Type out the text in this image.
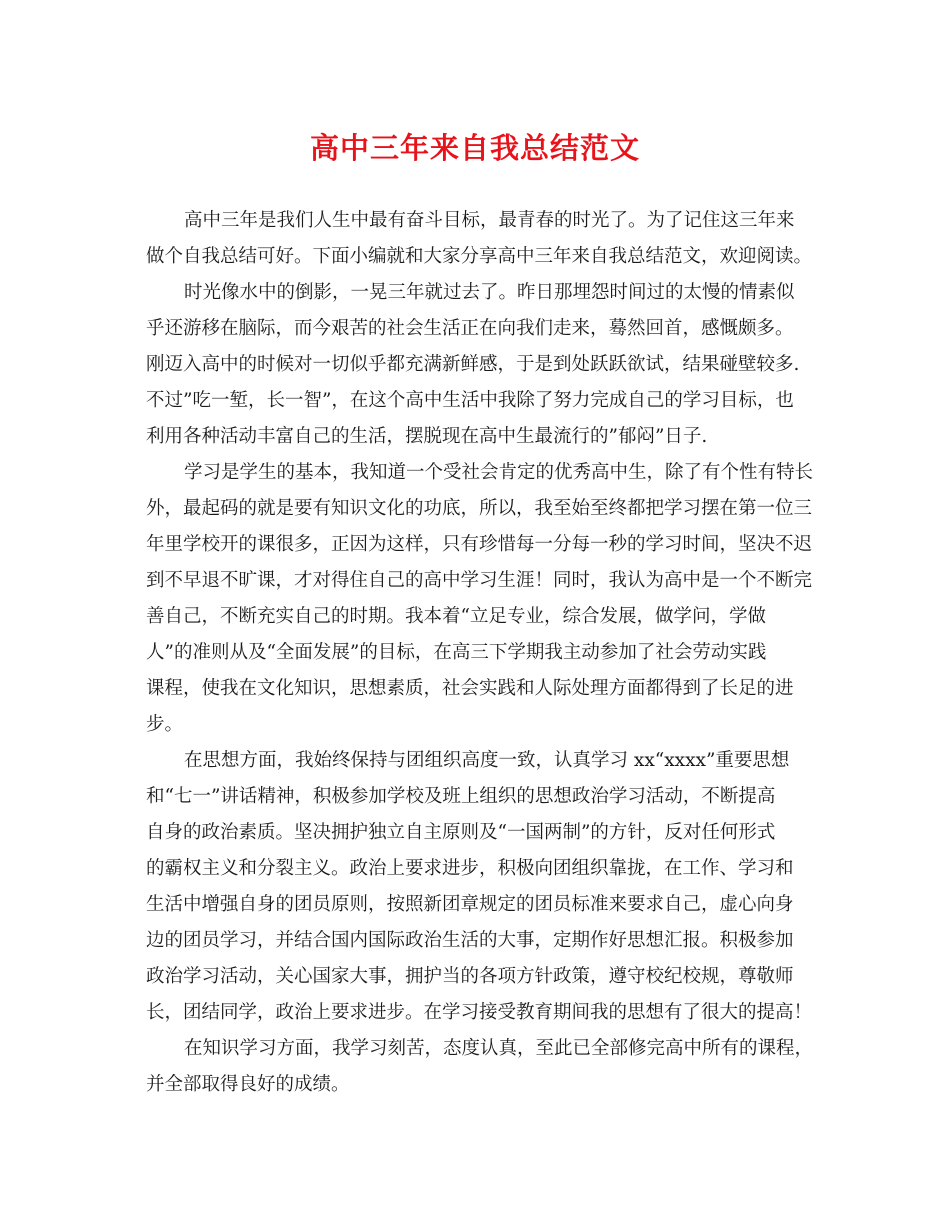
高中三年来自我总结范文
高中三年是我们人生中最有奋斗目标，最青春的时光了。为了记住这三年来
做个自我总结可好。下面小编就和大家分享高中三年来自我总结范文，欢迎阅读。
时光像水中的倒影，一晃三年就过去了。昨日那埋怨时间过的太慢的情素似
乎还游移在脑际，而今艰苦的社会生活正在向我们走来，蓦然回首，感慨颇多。
刚迈入高中的时候对一切似乎都充满新鲜感，于是到处跃跃欲试，结果碰壁较多.
不过”吃一堑，长一智”，在这个高中生活中我除了努力完成自己的学习目标，也
利用各种活动丰富自己的生活，摆脱现在高中生最流行的”郁闷”日子.
学习是学生的基本，我知道一个受社会肯定的优秀高中生，除了有个性有特长
外，最起码的就是要有知识文化的功底，所以，我至始至终都把学习摆在第一位三
年里学校开的课很多，正因为这样，只有珍惜每一分每一秒的学习时间，坚决不迟
到不早退不旷课，才对得住自己的高中学习生涯！同时，我认为高中是一个不断完
善自己，不断充实自己的时期。我本着“立足专业，综合发展，做学问，学做
人”的准则从及“全面发展”的目标，在高三下学期我主动参加了社会劳动实践
课程，使我在文化知识，思想素质，社会实践和人际处理方面都得到了长足的进
步。
在思想方面，我始终保持与团组织高度一致，认真学习 xx“xxxx”重要思想
和“七一”讲话精神，积极参加学校及班上组织的思想政治学习活动，不断提高
自身的政治素质。坚决拥护独立自主原则及“一国两制”的方针，反对任何形式
的霸权主义和分裂主义。政治上要求进步，积极向团组织靠拢，在工作、学习和
生活中增强自身的团员原则，按照新团章规定的团员标准来要求自己，虚心向身
边的团员学习，并结合国内国际政治生活的大事，定期作好思想汇报。积极参加
政治学习活动，关心国家大事，拥护当的各项方针政策，遵守校纪校规，尊敬师
长，团结同学，政治上要求进步。在学习接受教育期间我的思想有了很大的提高！
在知识学习方面，我学习刻苦，态度认真，至此已全部修完高中所有的课程，
并全部取得良好的成绩。
